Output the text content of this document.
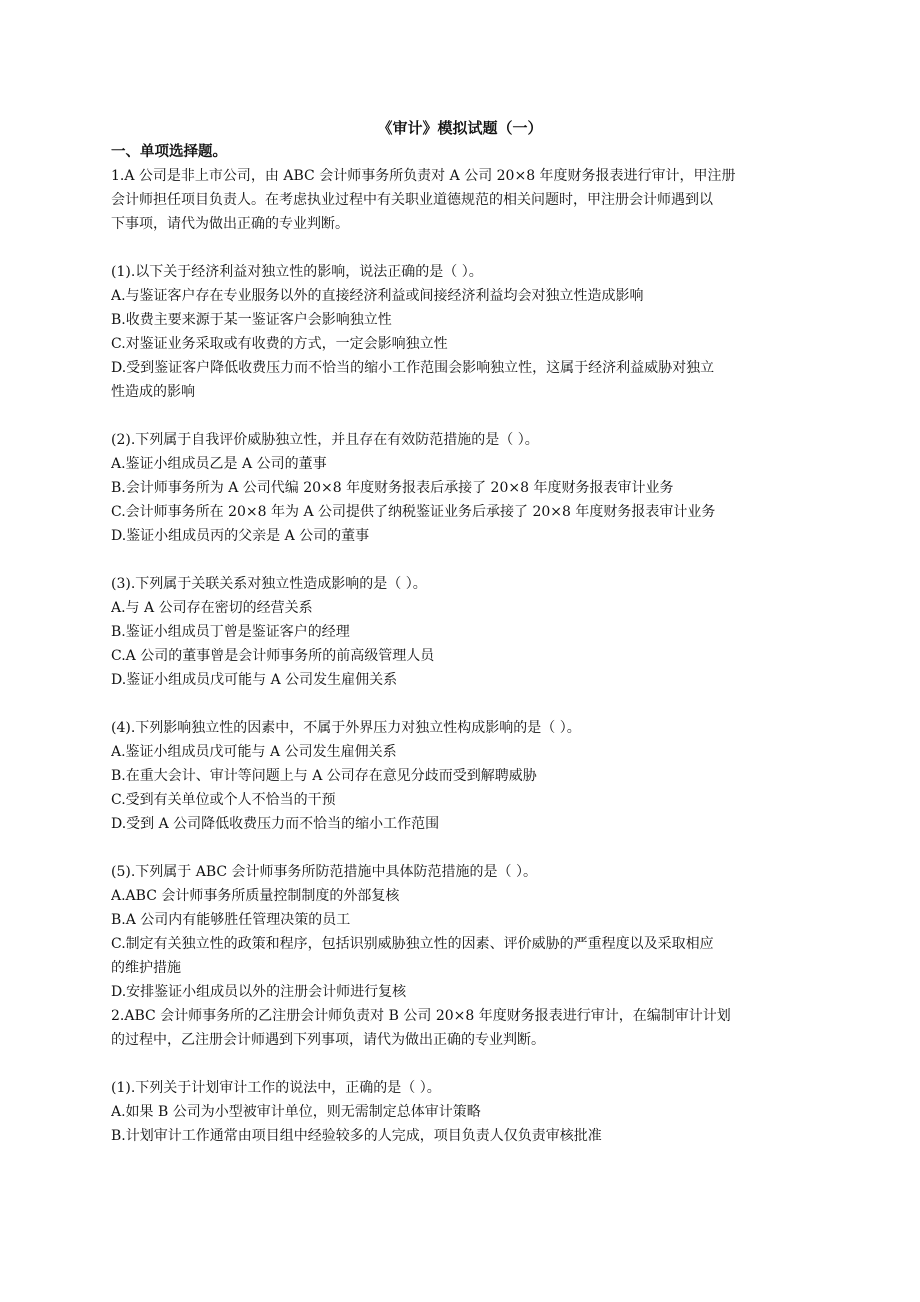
《审计》模拟试题（一）
一、单项选择题。
1.A 公司是非上市公司，由 ABC 会计师事务所负责对 A 公司 20×8 年度财务报表进行审计，甲注册
会计师担任项目负责人。在考虑执业过程中有关职业道德规范的相关问题时，甲注册会计师遇到以
下事项，请代为做出正确的专业判断。
(1).以下关于经济利益对独立性的影响，说法正确的是（ ）。
A.与鉴证客户存在专业服务以外的直接经济利益或间接经济利益均会对独立性造成影响
B.收费主要来源于某一鉴证客户会影响独立性
C.对鉴证业务采取或有收费的方式，一定会影响独立性
D.受到鉴证客户降低收费压力而不恰当的缩小工作范围会影响独立性，这属于经济利益威胁对独立
性造成的影响
(2).下列属于自我评价威胁独立性，并且存在有效防范措施的是（ ）。
A.鉴证小组成员乙是 A 公司的董事
B.会计师事务所为 A 公司代编 20×8 年度财务报表后承接了 20×8 年度财务报表审计业务
C.会计师事务所在 20×8 年为 A 公司提供了纳税鉴证业务后承接了 20×8 年度财务报表审计业务
D.鉴证小组成员丙的父亲是 A 公司的董事
(3).下列属于关联关系对独立性造成影响的是（ ）。
A.与 A 公司存在密切的经营关系
B.鉴证小组成员丁曾是鉴证客户的经理
C.A 公司的董事曾是会计师事务所的前高级管理人员
D.鉴证小组成员戊可能与 A 公司发生雇佣关系
(4).下列影响独立性的因素中，不属于外界压力对独立性构成影响的是（ ）。
A.鉴证小组成员戊可能与 A 公司发生雇佣关系
B.在重大会计、审计等问题上与 A 公司存在意见分歧而受到解聘威胁
C.受到有关单位或个人不恰当的干预
D.受到 A 公司降低收费压力而不恰当的缩小工作范围
(5).下列属于 ABC 会计师事务所防范措施中具体防范措施的是（ ）。
A.ABC 会计师事务所质量控制制度的外部复核
B.A 公司内有能够胜任管理决策的员工
C.制定有关独立性的政策和程序，包括识别威胁独立性的因素、评价威胁的严重程度以及采取相应
的维护措施
D.安排鉴证小组成员以外的注册会计师进行复核
2.ABC 会计师事务所的乙注册会计师负责对 B 公司 20×8 年度财务报表进行审计，在编制审计计划
的过程中，乙注册会计师遇到下列事项，请代为做出正确的专业判断。
(1).下列关于计划审计工作的说法中，正确的是（ ）。
A.如果 B 公司为小型被审计单位，则无需制定总体审计策略
B.计划审计工作通常由项目组中经验较多的人完成，项目负责人仅负责审核批准
